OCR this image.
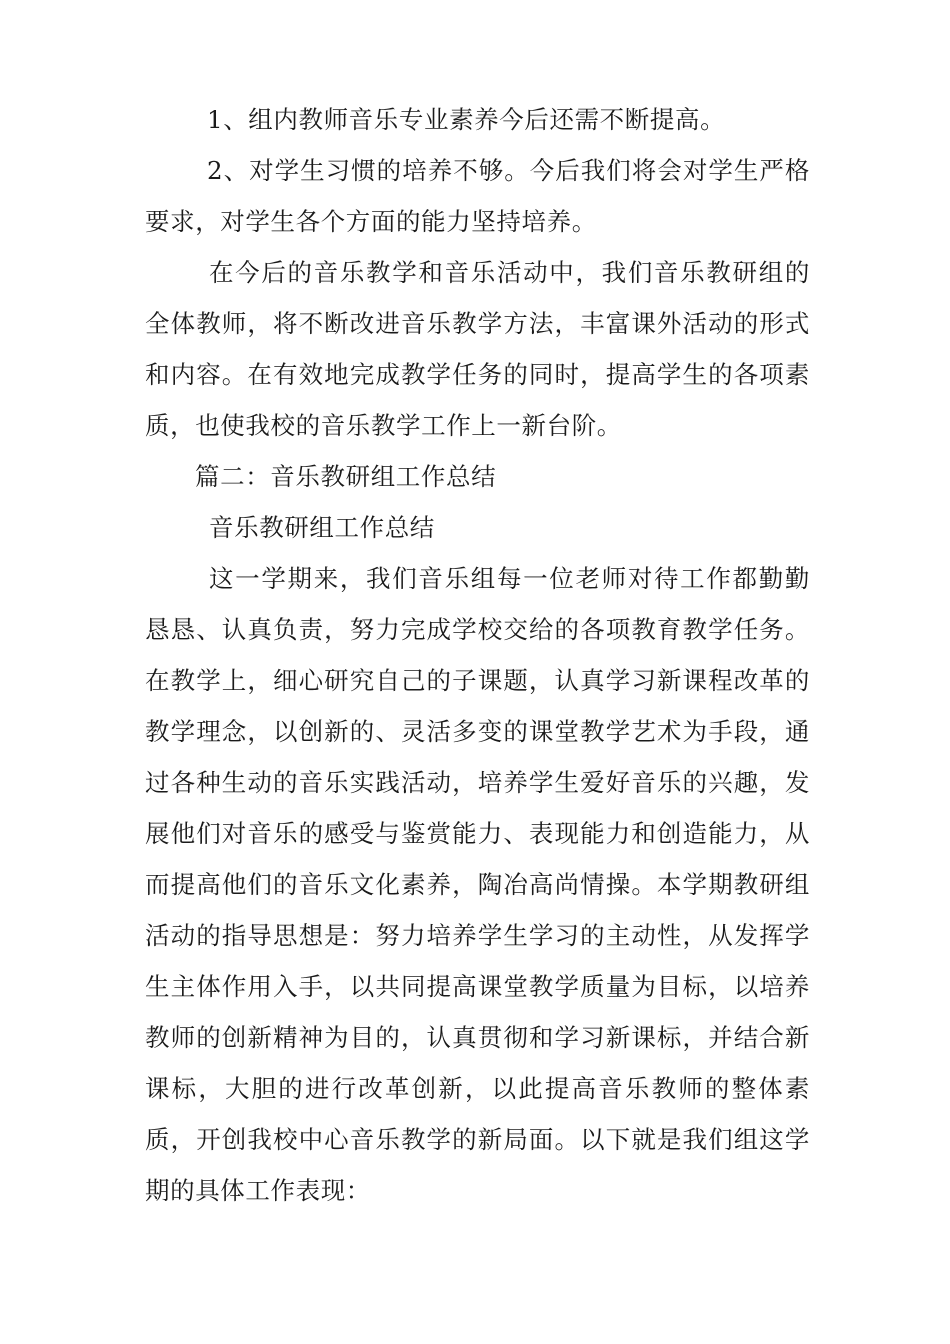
1、组内教师音乐专业素养今后还需不断提高。

2、对学生习惯的培养不够。今后我们将会对学生严格要求，对学生各个方面的能力坚持培养。

在今后的音乐教学和音乐活动中，我们音乐教研组的全体教师，将不断改进音乐教学方法，丰富课外活动的形式和内容。在有效地完成教学任务的同时，提高学生的各项素质，也使我校的音乐教学工作上一新台阶。

篇二：音乐教研组工作总结

音乐教研组工作总结

这一学期来，我们音乐组每一位老师对待工作都勤勤恳恳、认真负责，努力完成学校交给的各项教育教学任务。在教学上，细心研究自己的子课题，认真学习新课程改革的教学理念，以创新的、灵活多变的课堂教学艺术为手段，通过各种生动的音乐实践活动，培养学生爱好音乐的兴趣，发展他们对音乐的感受与鉴赏能力、表现能力和创造能力，从而提高他们的音乐文化素养，陶冶高尚情操。本学期教研组活动的指导思想是：努力培养学生学习的主动性，从发挥学生主体作用入手，以共同提高课堂教学质量为目标，以培养教师的创新精神为目的，认真贯彻和学习新课标，并结合新课标，大胆的进行改革创新，以此提高音乐教师的整体素质，开创我校中心音乐教学的新局面。以下就是我们组这学期的具体工作表现：
